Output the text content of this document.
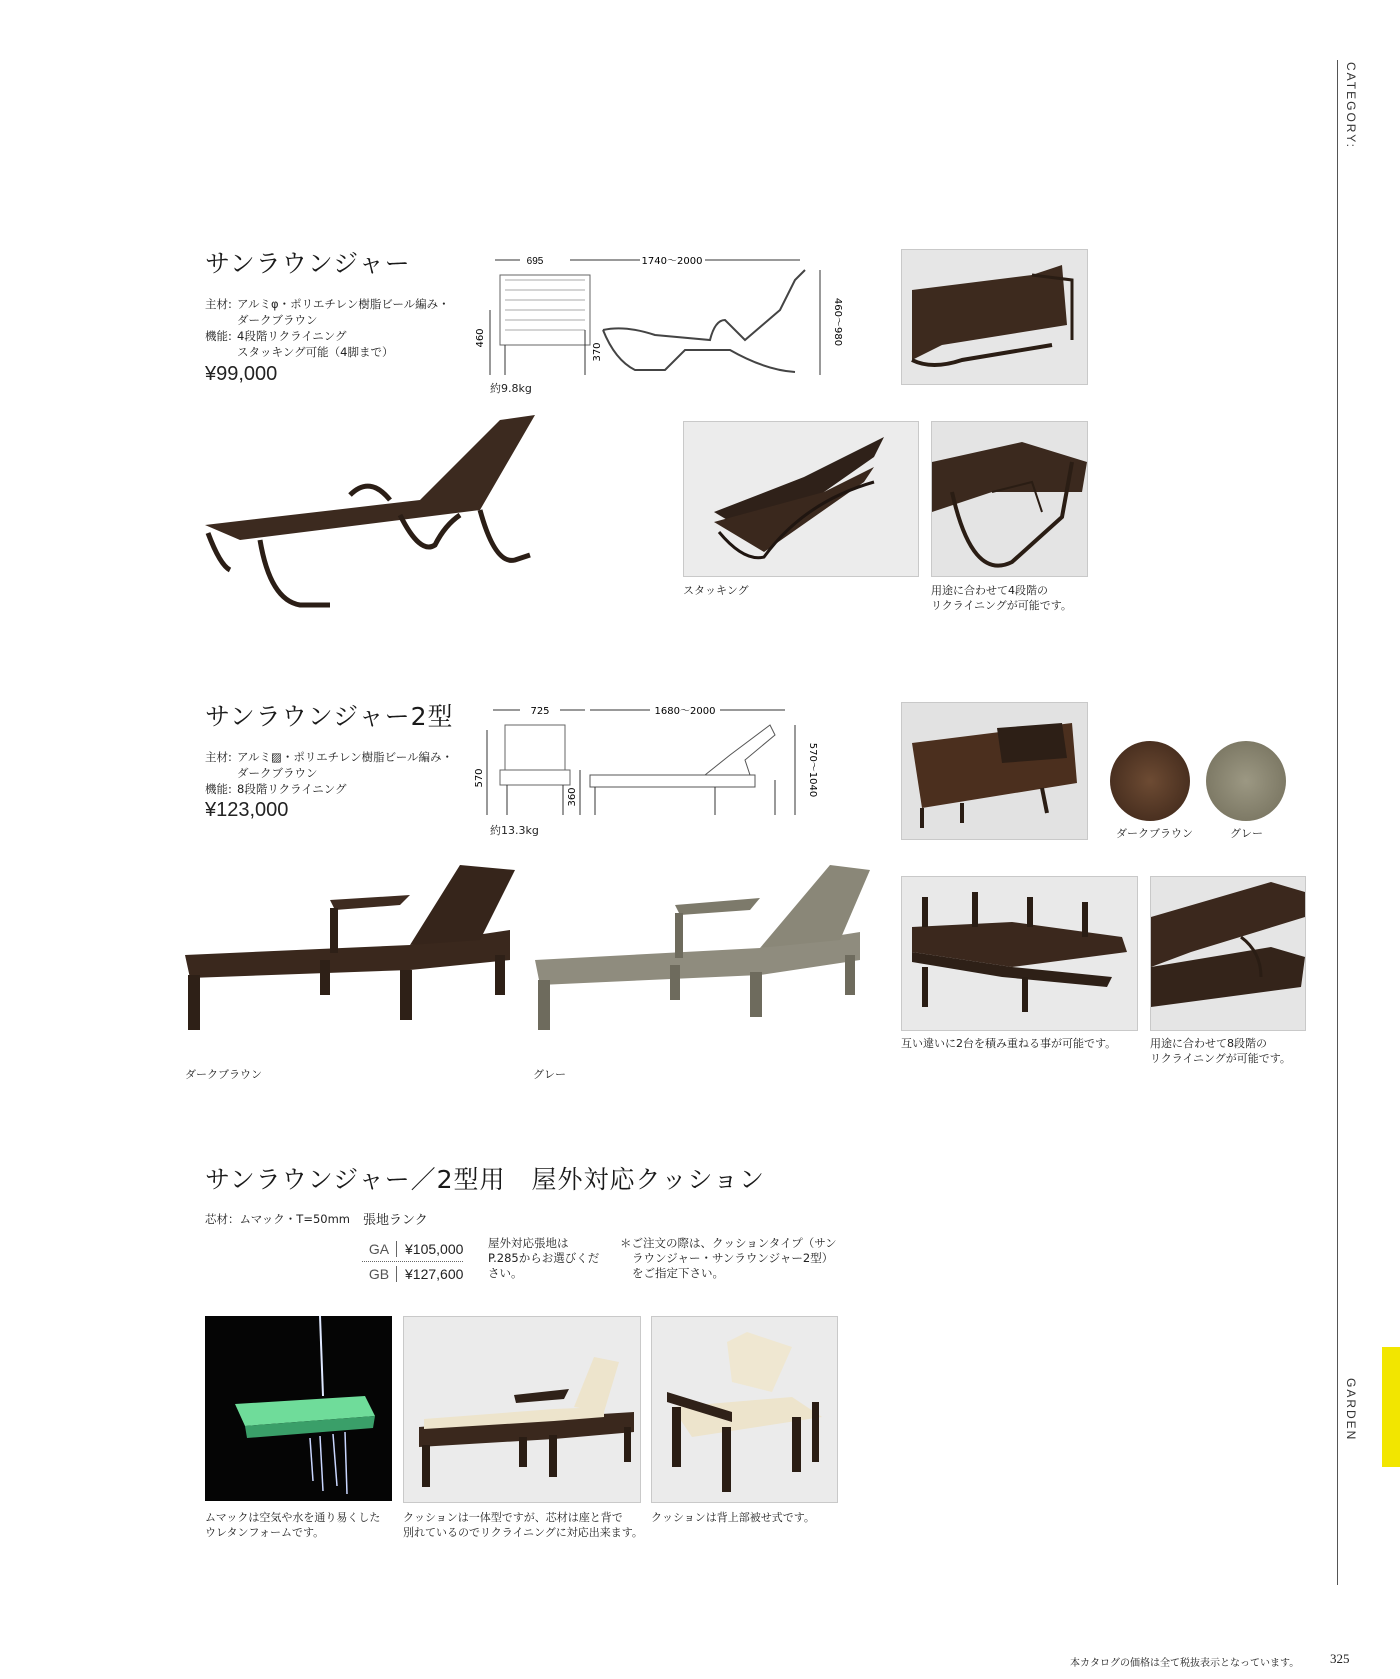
CATEGORY:
GARDEN
サンラウンジャー
主材: アルミφ・ポリエチレン樹脂ビール編み・
ダークブラウン
機能: 4段階リクライニング
スタッキング可能（4脚まで）
¥99,000
695	1740～2000
460
370
460～980
約9.8kg
スタッキング	用途に合わせて4段階の
リクライニングが可能です。
サンラウンジャー2型
主材: アルミ▨・ポリエチレン樹脂ビール編み・
ダークブラウン
機能: 8段階リクライニング
¥123,000
725	1680～2000
570
360	570～1040
約13.3kg	ダークブラウン	グレー
ダークブラウン	グレー
互い違いに2台を積み重ねる事が可能です。	用途に合わせて8段階の
リクライニングが可能です。
サンラウンジャー／2型用　屋外対応クッション
芯材：ムマック・T=50mm 張地ランク
GA	¥105,000
GB	¥127,600
屋外対応張地は
P.285からお選びくだ
さい。
＊ご注文の際は、クッションタイプ（サン
ラウンジャー・サンラウンジャー2型）
をご指定下さい。
ムマックは空気や水を通り易くした
ウレタンフォームです。
クッションは一体型ですが、芯材は座と背で
別れているのでリクライニングに対応出来ます。
クッションは背上部被せ式です。
本カタログの価格は全て税抜表示となっています。 325
